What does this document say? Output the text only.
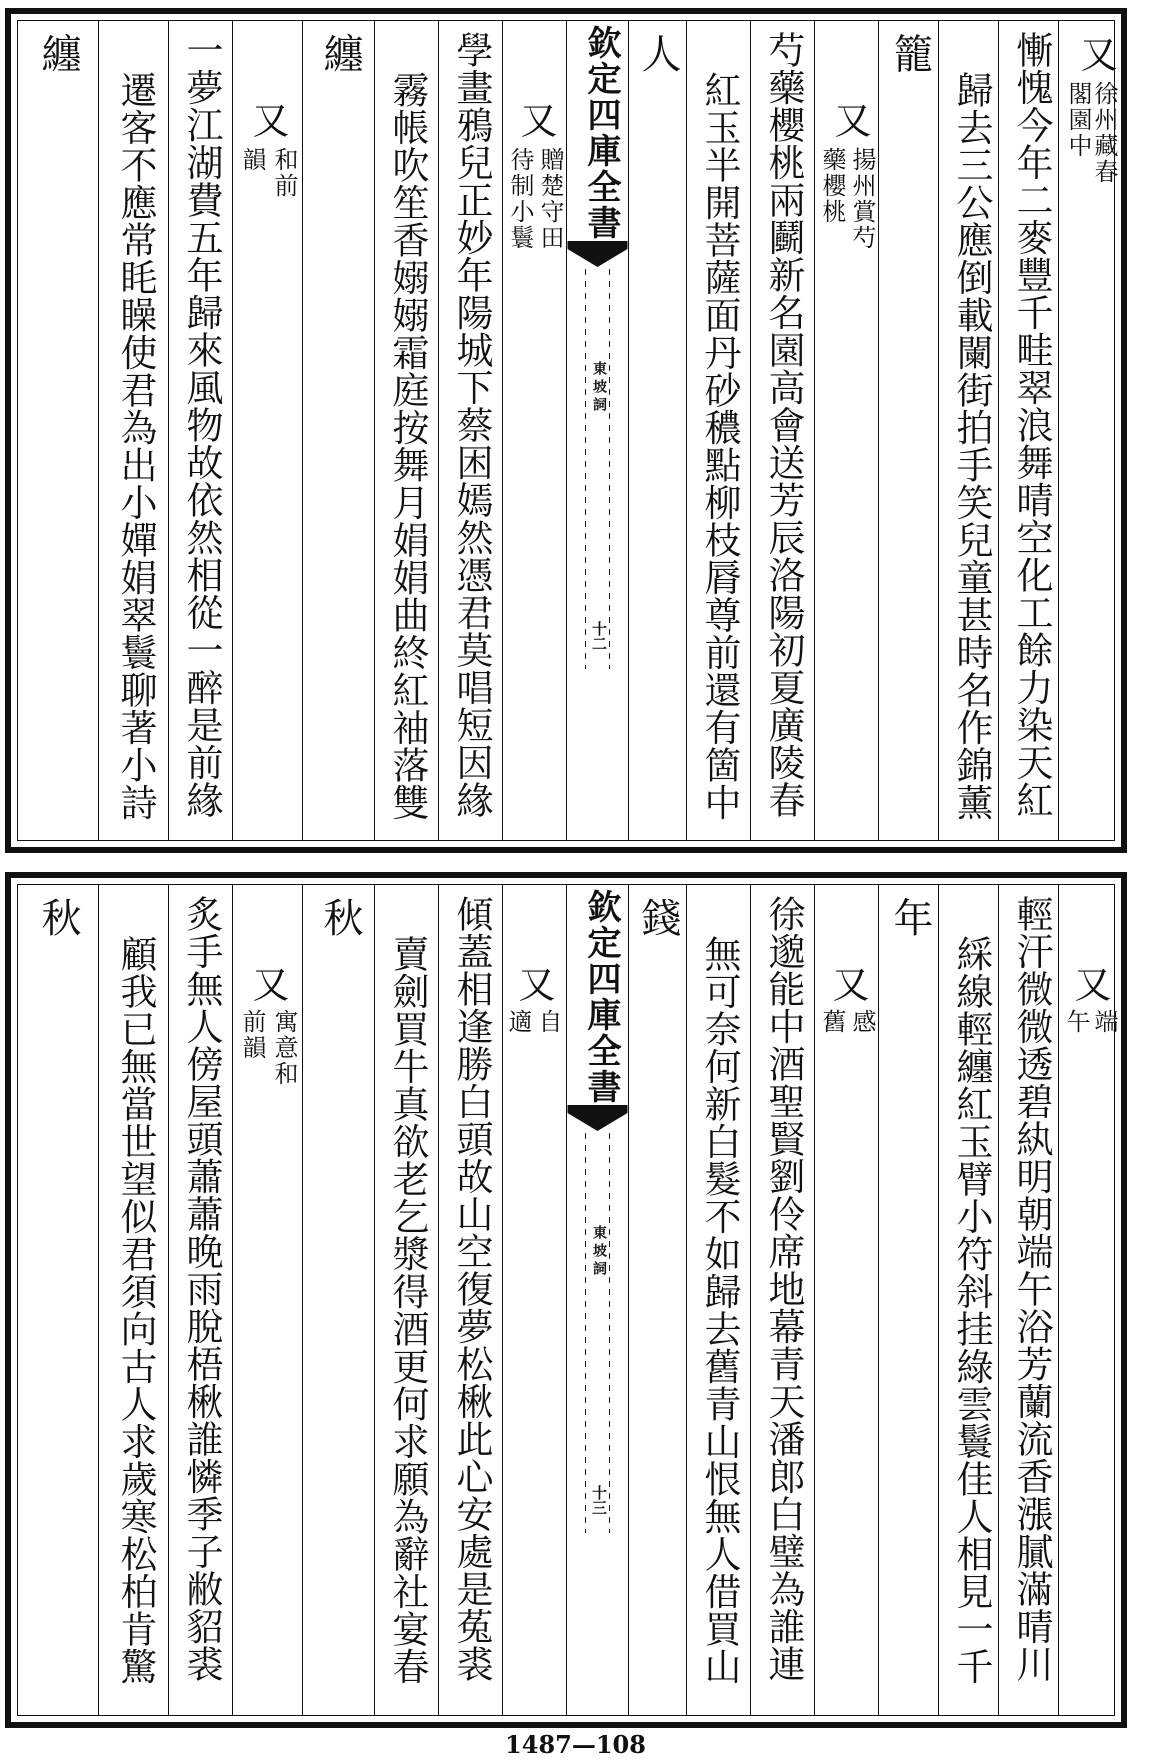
又
徐州藏春
閣園中
慚愧今年二麥豐千畦翠浪舞晴空化工餘力染天紅
歸去三公應倒載闌街拍手笑兒童甚時名作錦薰
籠
又
揚州賞芍
藥櫻桃
芍藥櫻桃兩鬬新名園高會送芳辰洛陽初夏廣陵春
紅玉半開菩薩面丹砂穠點柳枝脣尊前還有箇中
人
欽定四庫全書
東坡詞
十二
又
贈楚守田
待制小鬟
學畫鴉兒正妙年陽城下蔡困嫣然憑君莫唱短因緣
霧帳吹笙香嫋嫋霜庭按舞月娟娟曲終紅袖落雙
纏
又
和前
韻
一夢江湖費五年歸來風物故依然相從一醉是前緣
遷客不應常眊矂使君為出小嬋娟翠鬟聊著小詩
纏
又
端
午
輕汗微微透碧紈明朝端午浴芳蘭流香漲膩滿晴川
綵線輕纏紅玉臂小符斜挂綠雲鬟佳人相見一千
年
又
感
舊
徐邈能中酒聖賢劉伶席地幕青天潘郎白璧為誰連
無可奈何新白髮不如歸去舊青山恨無人借買山
錢
欽定四庫全書
東坡詞
十三
又
自
適
傾蓋相逢勝白頭故山空復夢松楸此心安處是菟裘
賣劍買牛真欲老乞漿得酒更何求願為辭社宴春
秋
又
寓意和
前韻
炙手無人傍屋頭蕭蕭晚雨脫梧楸誰憐季子敝貂裘
顧我已無當世望似君須向古人求歲寒松柏肯驚
秋
1487—108
